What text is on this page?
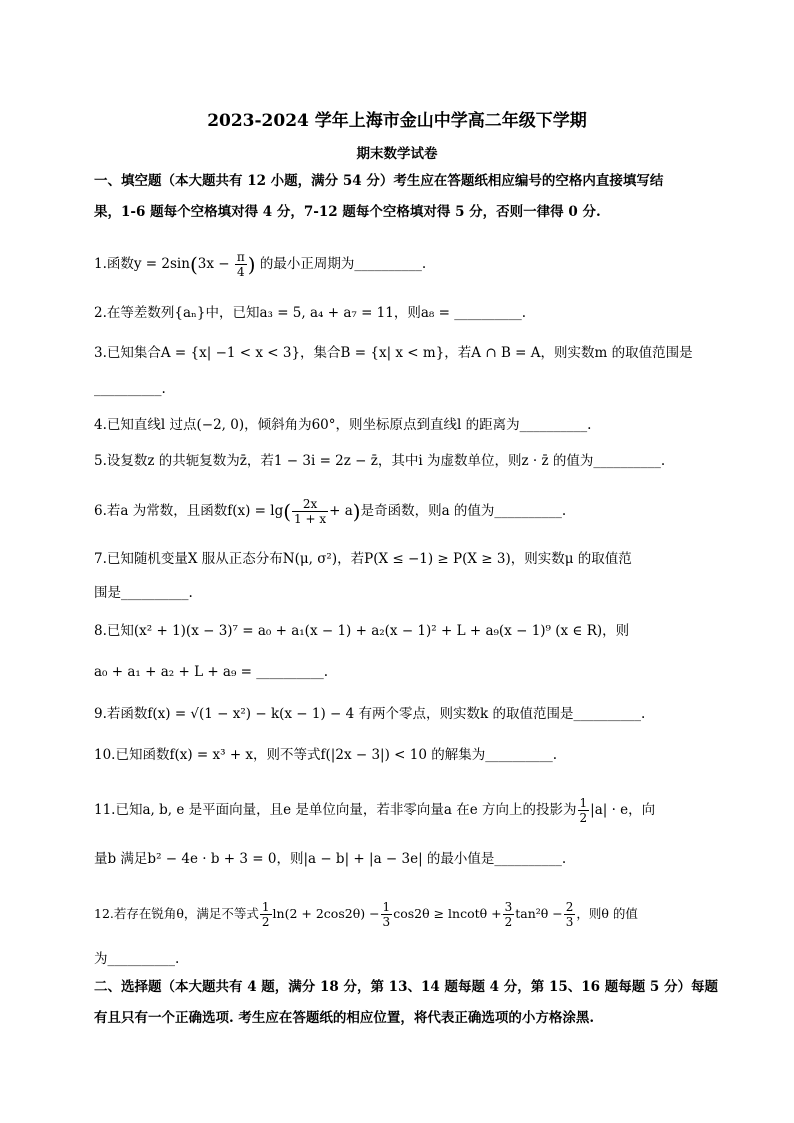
2023-2024 学年上海市金山中学高二年级下学期
期末数学试卷
一、填空题（本大题共有 12 小题，满分 54 分）考生应在答题纸相应编号的空格内直接填写结
果，1-6 题每个空格填对得 4 分，7-12 题每个空格填对得 5 分，否则一律得 0 分.
1.函数$y = 2\sin(3x - \frac{\pi}{4}$ ) 的最小正周期为__________.
2.在等差数列{aₙ}中，已知a₃ = 5, a₄ + a₇ = 11，则a₈ = __________.
3.已知集合A = {x| −1 < x < 3}，集合B = {x| x < m}，若A ∩ B = A，则实数m 的取值范围是
__________.
4.已知直线l 过点(−2, 0)，倾斜角为60°，则坐标原点到直线l 的距离为__________.
5.设复数z 的共轭复数为z̄，若1 − 3i = 2z − z̄，其中i 为虚数单位，则z · z̄ 的值为__________.
6.若a 为常数，且函数$f(x) = \lg( \frac{2x}{1 + x} + a)$是奇函数，则a 的值为__________.
7.已知随机变量X 服从正态分布N(μ, σ²)，若P(X ≤ −1) ≥ P(X ≥ 3)，则实数μ 的取值范
围是__________.
8.已知(x² + 1)(x − 3)⁷ = a₀ + a₁(x − 1) + a₂(x − 1)² + L + a₉(x − 1)⁹ (x ∈ R)，则
a₀ + a₁ + a₂ + L + a₉ = __________.
9.若函数f(x) = √(1 − x²) − k(x − 1) − 4 有两个零点，则实数k 的取值范围是__________.
10.已知函数f(x) = x³ + x，则不等式f(|2x − 3|) < 10 的解集为__________.
11.已知a, b, e 是平面向量，且e 是单位向量，若非零向量a 在e 方向上的投影为 $\frac{1}{2} |a| \cdot e$，向
量b 满足b² − 4e · b + 3 = 0，则|a − b| + |a − 3e| 的最小值是__________.
12.若存在锐角θ，满足不等式 $\frac{1}{2} \ln(2 + 2\cos 2\theta) - \frac{1}{3} \cos 2\theta \ge lncot\theta + \frac{3}{2} \tan^2\theta - \frac{2}{3}$ ，则θ 的值
为__________.
二、选择题（本大题共有 4 题，满分 18 分，第 13、14 题每题 4 分，第 15、16 题每题 5 分）每题
有且只有一个正确选项. 考生应在答题纸的相应位置，将代表正确选项的小方格涂黑.
